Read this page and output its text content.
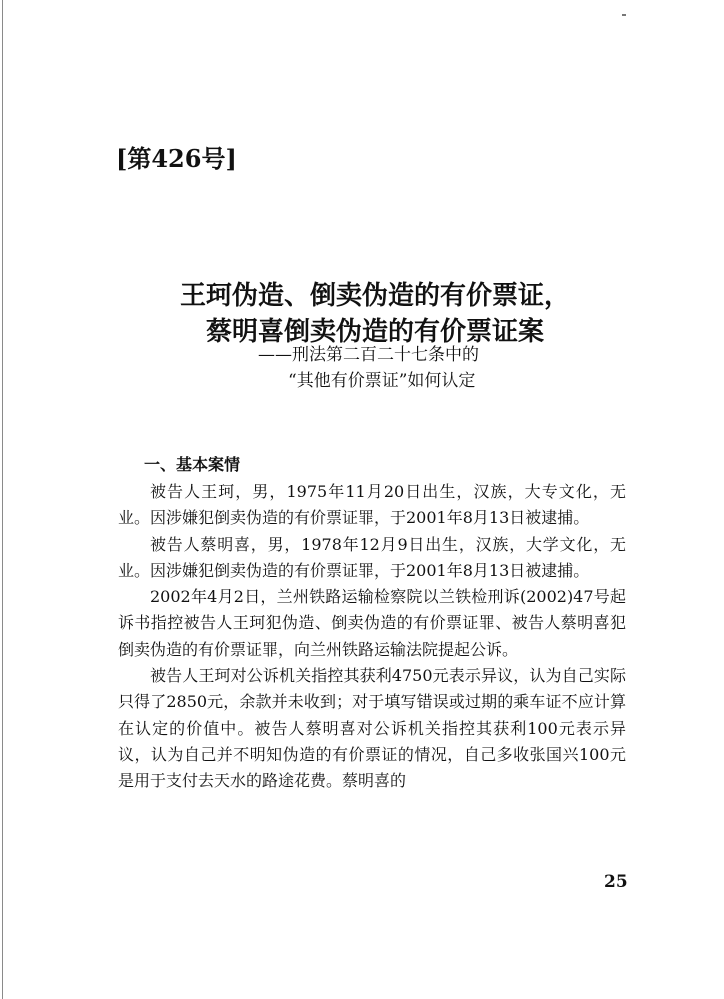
[第426号]
王珂伪造、倒卖伪造的有价票证，
蔡明喜倒卖伪造的有价票证案
——刑法第二百二十七条中的
“其他有价票证”如何认定
一、基本案情

被告人王珂，男，1975年11月20日出生，汉族，大专文化，无业。因涉嫌犯倒卖伪造的有价票证罪，于2001年8月13日被逮捕。

被告人蔡明喜，男，1978年12月9日出生，汉族，大学文化，无业。因涉嫌犯倒卖伪造的有价票证罪，于2001年8月13日被逮捕。

2002年4月2日，兰州铁路运输检察院以兰铁检刑诉(2002)47号起诉书指控被告人王珂犯伪造、倒卖伪造的有价票证罪、被告人蔡明喜犯倒卖伪造的有价票证罪，向兰州铁路运输法院提起公诉。

被告人王珂对公诉机关指控其获利4750元表示异议，认为自己实际只得了2850元，余款并未收到；对于填写错误或过期的乘车证不应计算在认定的价值中。被告人蔡明喜对公诉机关指控其获利100元表示异议，认为自己并不明知伪造的有价票证的情况，自己多收张国兴100元是用于支付去天水的路途花费。蔡明喜的

25
